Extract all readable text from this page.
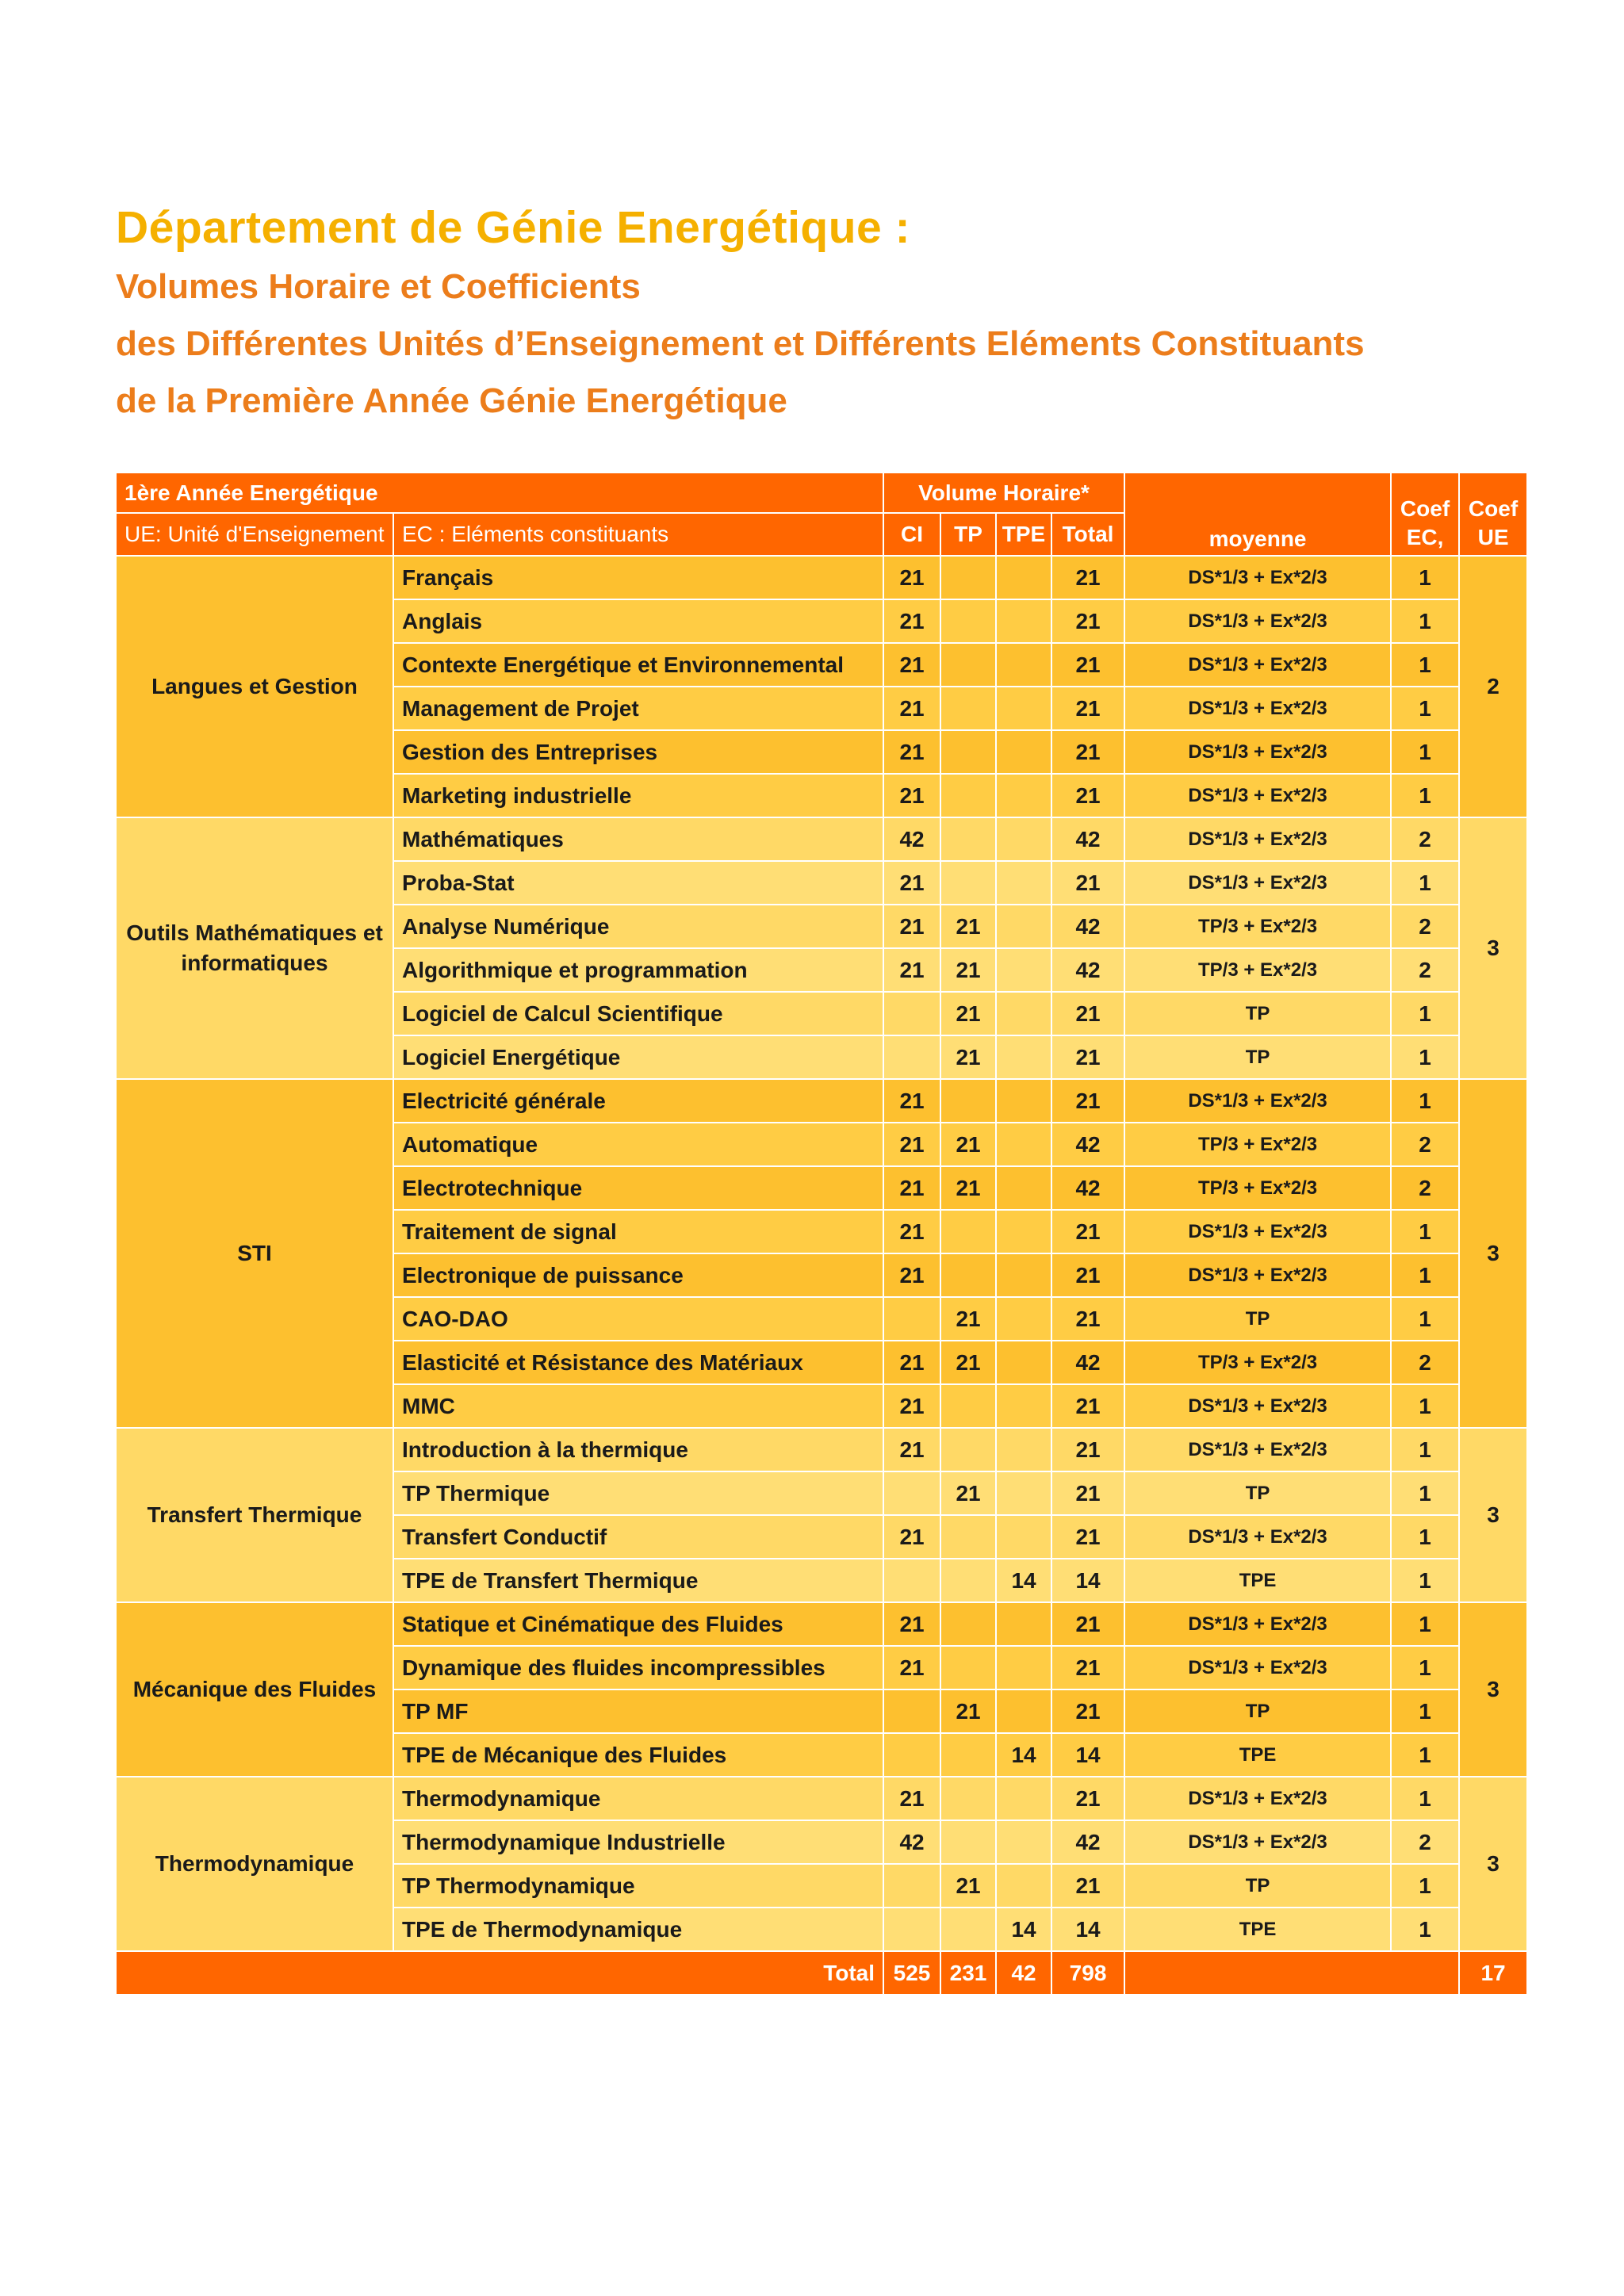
Département de Génie Energétique :
Volumes Horaire et Coefficients
des Différentes Unités d’Enseignement et Différents Eléments Constituants
de la Première Année Génie Energétique
1ère Année Energétique		Volume Horaire*				moyenne	Coef EC,	Coef UE
UE: Unité d'Enseignement	EC : Eléments constituants	CI	TP	TPE	Total			
Langues et Gestion	Français	21			21	DS*1/3 + Ex*2/3	1	2
	Anglais	21			21	DS*1/3 + Ex*2/3	1	
	Contexte Energétique et Environnemental	21			21	DS*1/3 + Ex*2/3	1	
	Management de Projet	21			21	DS*1/3 + Ex*2/3	1	
	Gestion des Entreprises	21			21	DS*1/3 + Ex*2/3	1	
	Marketing industrielle	21			21	DS*1/3 + Ex*2/3	1	
Outils Mathématiques et informatiques	Mathématiques	42			42	DS*1/3 + Ex*2/3	2	3
	Proba-Stat	21			21	DS*1/3 + Ex*2/3	1	
	Analyse Numérique	21	21		42	TP/3 + Ex*2/3	2	
	Algorithmique et programmation	21	21		42	TP/3 + Ex*2/3	2	
	Logiciel de Calcul Scientifique		21		21	TP	1	
	Logiciel Energétique		21		21	TP	1	
STI	Electricité générale	21			21	DS*1/3 + Ex*2/3	1	3
	Automatique	21	21		42	TP/3 + Ex*2/3	2	
	Electrotechnique	21	21		42	TP/3 + Ex*2/3	2	
	Traitement de signal	21			21	DS*1/3 + Ex*2/3	1	
	Electronique de puissance	21			21	DS*1/3 + Ex*2/3	1	
	CAO-DAO		21		21	TP	1	
	Elasticité et Résistance des Matériaux	21	21		42	TP/3 + Ex*2/3	2	
	MMC	21			21	DS*1/3 + Ex*2/3	1	
Transfert Thermique	Introduction à la thermique	21			21	DS*1/3 + Ex*2/3	1	3
	TP Thermique		21		21	TP	1	
	Transfert Conductif	21			21	DS*1/3 + Ex*2/3	1	
	TPE de Transfert Thermique			14	14	TPE	1	
Mécanique des Fluides	Statique et Cinématique des Fluides	21			21	DS*1/3 + Ex*2/3	1	3
	Dynamique des fluides incompressibles	21			21	DS*1/3 + Ex*2/3	1	
	TP MF		21		21	TP	1	
	TPE de Mécanique des Fluides			14	14	TPE	1	
Thermodynamique	Thermodynamique	21			21	DS*1/3 + Ex*2/3	1	3
	Thermodynamique Industrielle	42			42	DS*1/3 + Ex*2/3	2	
	TP Thermodynamique		21		21	TP	1	
	TPE de Thermodynamique			14	14	TPE	1	
Total		525	231	42	798			17
